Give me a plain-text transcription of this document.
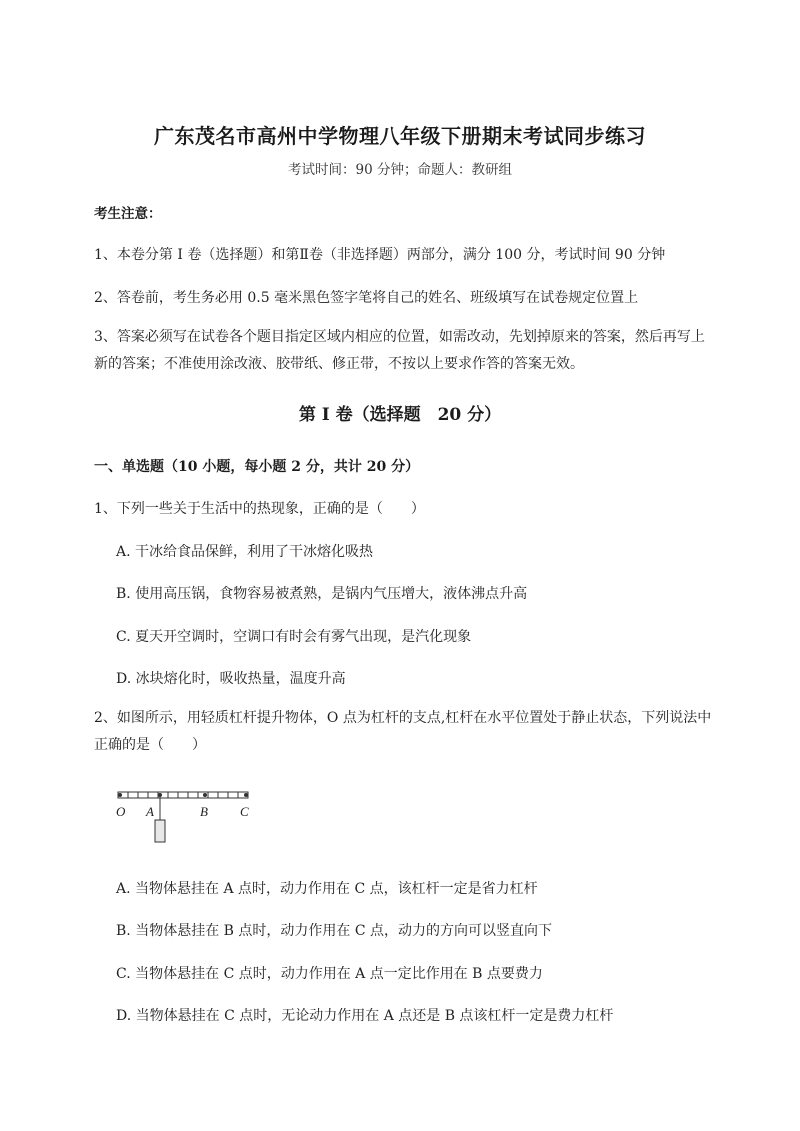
广东茂名市高州中学物理八年级下册期末考试同步练习
考试时间：90 分钟；命题人：教研组
考生注意：
1、本卷分第 I 卷（选择题）和第Ⅱ卷（非选择题）两部分，满分 100 分，考试时间 90 分钟
2、答卷前，考生务必用 0.5 毫米黑色签字笔将自己的姓名、班级填写在试卷规定位置上
3、答案必须写在试卷各个题目指定区域内相应的位置，如需改动，先划掉原来的答案，然后再写上新的答案；不准使用涂改液、胶带纸、修正带，不按以上要求作答的答案无效。
第 I 卷（选择题　20 分）
一、单选题（10 小题，每小题 2 分，共计 20 分）
1、下列一些关于生活中的热现象，正确的是（　　）
A. 干冰给食品保鲜，利用了干冰熔化吸热
B. 使用高压锅，食物容易被煮熟，是锅内气压增大，液体沸点升高
C. 夏天开空调时，空调口有时会有雾气出现，是汽化现象
D. 冰块熔化时，吸收热量，温度升高
2、如图所示，用轻质杠杆提升物体，O 点为杠杆的支点,杠杆在水平位置处于静止状态，下列说法中正确的是（　　）
O A	B C
A. 当物体悬挂在 A 点时，动力作用在 C 点，该杠杆一定是省力杠杆
B. 当物体悬挂在 B 点时，动力作用在 C 点，动力的方向可以竖直向下
C. 当物体悬挂在 C 点时，动力作用在 A 点一定比作用在 B 点要费力
D. 当物体悬挂在 C 点时，无论动力作用在 A 点还是 B 点该杠杆一定是费力杠杆
